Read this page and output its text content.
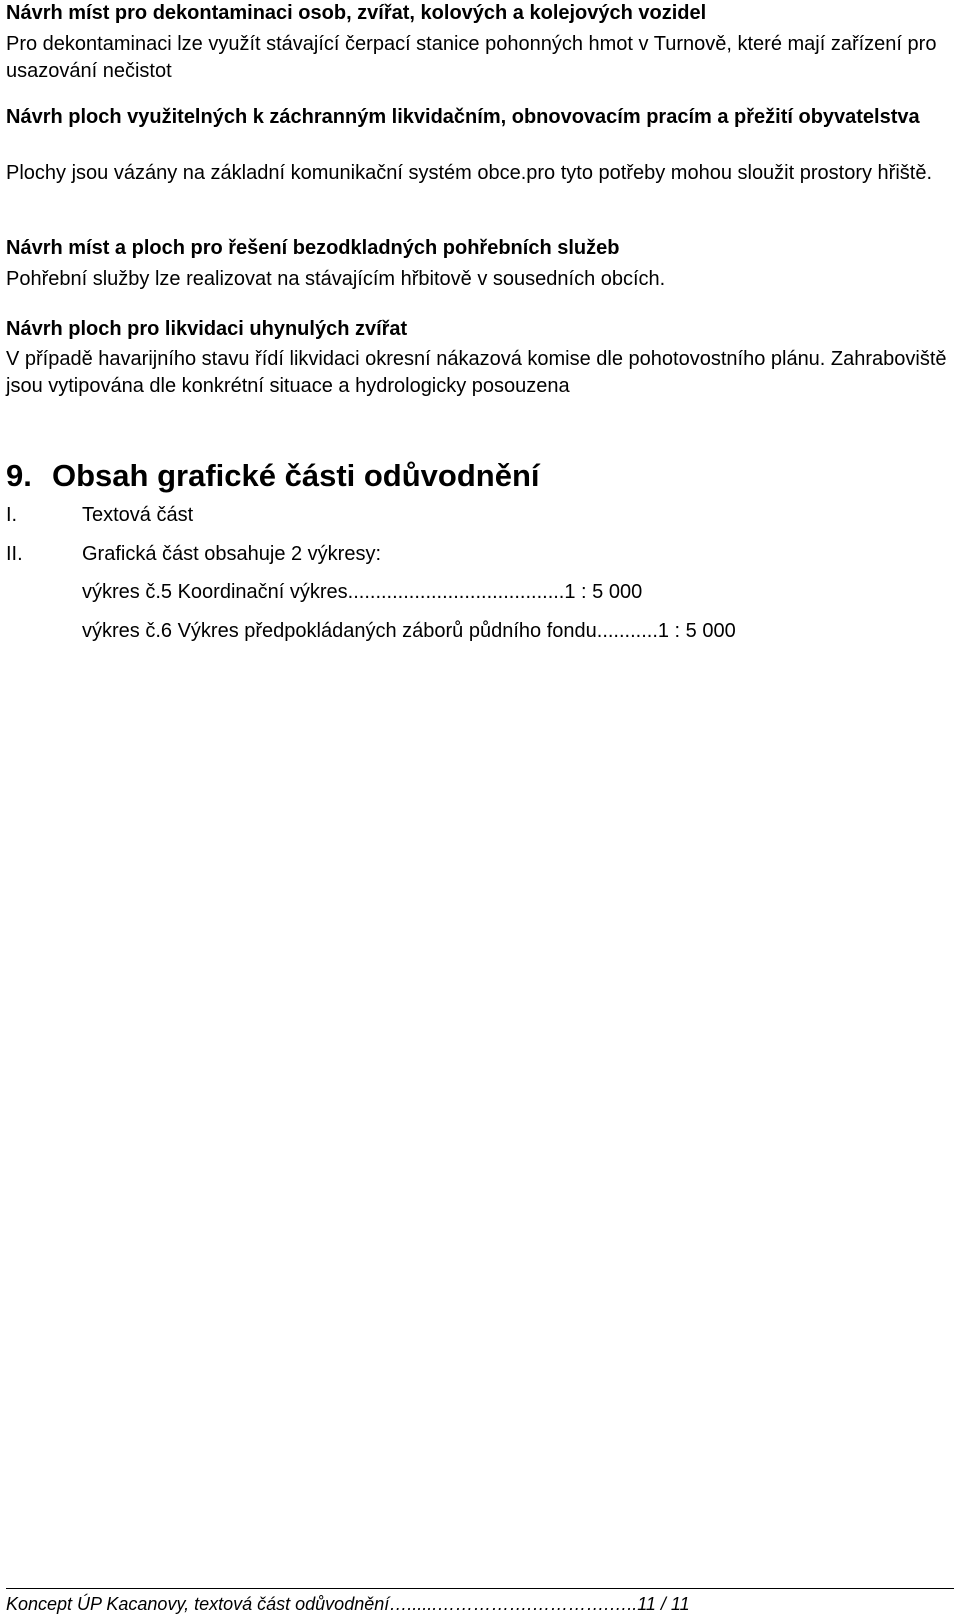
Návrh míst pro dekontaminaci osob, zvířat, kolových a kolejových vozidel

Pro dekontaminaci lze využít stávající čerpací stanice pohonných hmot v Turnově, které mají zařízení pro usazování nečistot

Návrh ploch využitelných k záchranným likvidačním, obnovovacím pracím a přežití obyvatelstva

Plochy jsou vázány na základní komunikační systém obce.pro tyto potřeby mohou sloužit prostory hřiště.

Návrh míst a ploch pro řešení bezodkladných pohřebních služeb

Pohřební služby lze realizovat na stávajícím hřbitově v sousedních obcích.

Návrh ploch pro likvidaci uhynulých zvířat

V případě havarijního stavu řídí likvidaci okresní nákazová komise dle pohotovostního plánu. Zahraboviště jsou vytipována dle konkrétní situace a hydrologicky posouzena

9. Obsah grafické části odůvodnění
I.	Textová část
II.	Grafická část obsahuje 2 výkresy:
výkres č.5 Koordinační výkres.......................................1 : 5 000
výkres č.6 Výkres předpokládaných záborů půdního fondu...........1 : 5 000
Koncept ÚP Kacanovy, textová část odůvodnění…......…………….………….…..11 / 11
